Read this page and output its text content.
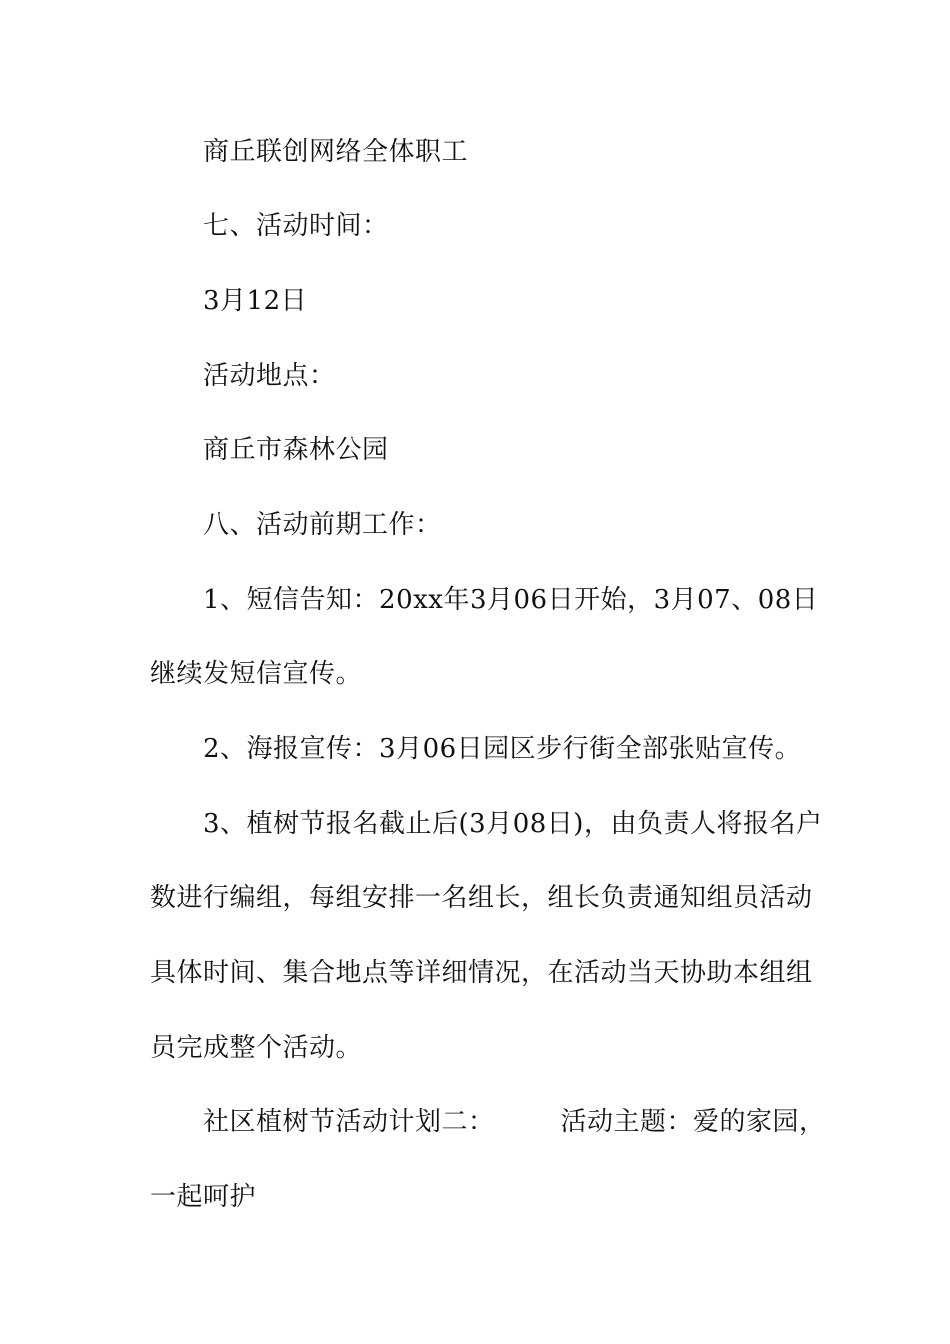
商丘联创网络全体职工
七、活动时间：
3月12日
活动地点：
商丘市森林公园
八、活动前期工作：
1、短信告知：20xx年3月06日开始，3月07、08日
继续发短信宣传。
2、海报宣传：3月06日园区步行街全部张贴宣传。
3、植树节报名截止后(3月08日)，由负责人将报名户
数进行编组，每组安排一名组长，组长负责通知组员活动
具体时间、集合地点等详细情况，在活动当天协助本组组
员完成整个活动。
社区植树节活动计划二：	活动主题：爱的家园，
一起呵护
